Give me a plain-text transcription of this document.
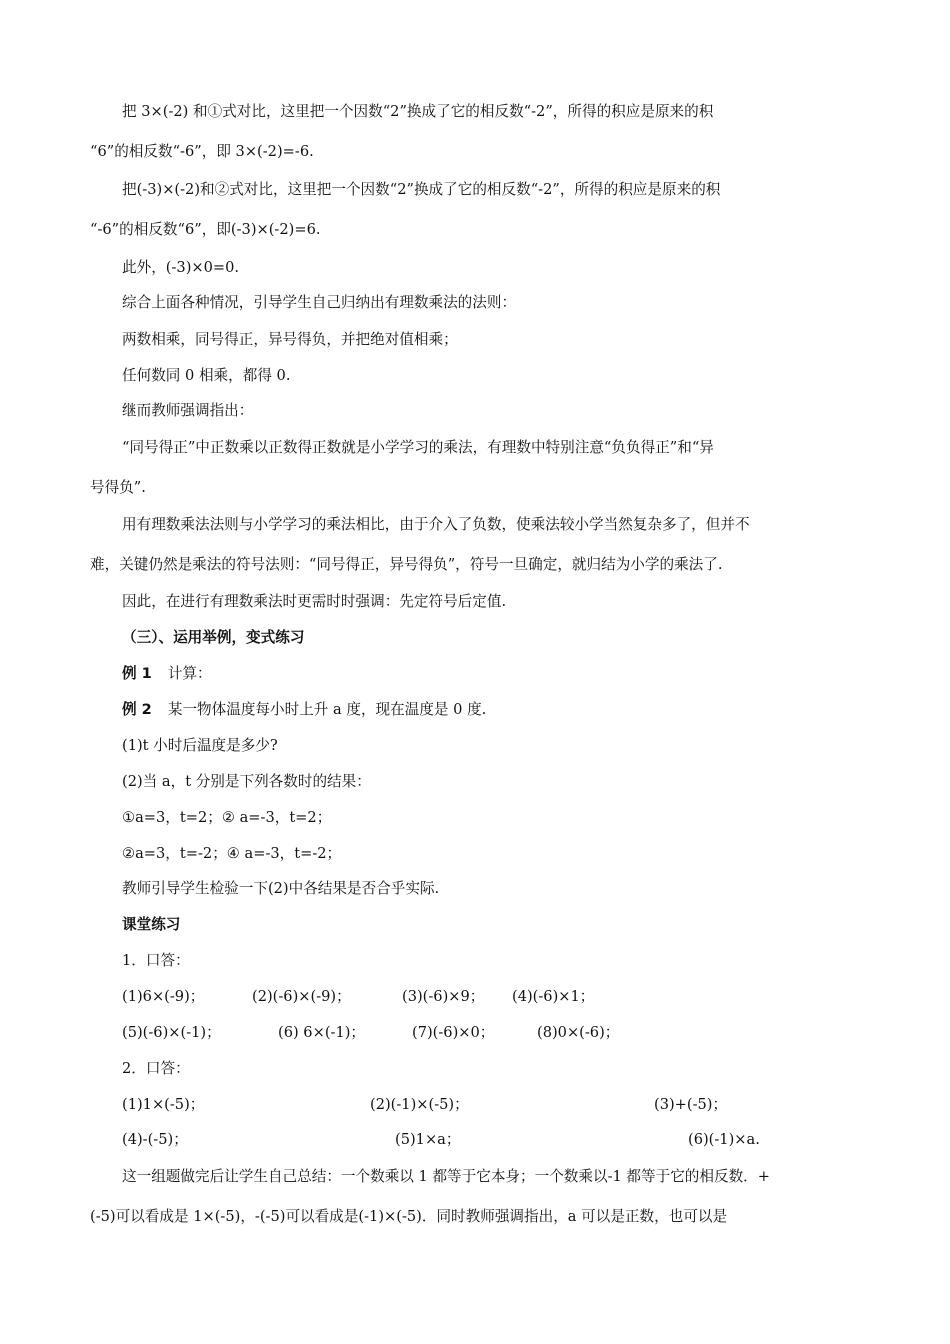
把 3×(-2) 和①式对比，这里把一个因数“2”换成了它的相反数“-2”，所得的积应是原来的积
“6”的相反数“-6”，即 3×(-2)=-6.
把(-3)×(-2)和②式对比，这里把一个因数“2”换成了它的相反数“-2”，所得的积应是原来的积
“-6”的相反数“6”，即(-3)×(-2)=6.
此外，(-3)×0=0.
综合上面各种情况，引导学生自己归纳出有理数乘法的法则：
两数相乘，同号得正，异号得负，并把绝对值相乘；
任何数同 0 相乘，都得 0.
继而教师强调指出：
“同号得正”中正数乘以正数得正数就是小学学习的乘法，有理数中特别注意“负负得正”和“异
号得负”.
用有理数乘法法则与小学学习的乘法相比，由于介入了负数，使乘法较小学当然复杂多了，但并不
难，关键仍然是乘法的符号法则：“同号得正，异号得负”，符号一旦确定，就归结为小学的乘法了.
因此，在进行有理数乘法时更需时时强调：先定符号后定值.
（三）、运用举例，变式练习
例 1 计算：
例 2 某一物体温度每小时上升 a 度，现在温度是 0 度.
(1)t 小时后温度是多少?
(2)当 a，t 分别是下列各数时的结果：
①a=3，t=2；② a=-3，t=2；
②a=3，t=-2；④ a=-3，t=-2；
教师引导学生检验一下(2)中各结果是否合乎实际.
课堂练习
1．口答：
(1)6×(-9)；	(2)(-6)×(-9)；	(3)(-6)×9； (4)(-6)×1；
(5)(-6)×(-1)；	(6) 6×(-1)；	(7)(-6)×0；	(8)0×(-6)；
2．口答：
(1)1×(-5)；	(2)(-1)×(-5)；	(3)+(-5)；
(4)-(-5)；	(5)1×a；	(6)(-1)×a.
这一组题做完后让学生自己总结：一个数乘以 1 都等于它本身；一个数乘以-1 都等于它的相反数．+
(-5)可以看成是 1×(-5)，-(-5)可以看成是(-1)×(-5)．同时教师强调指出，a 可以是正数，也可以是
